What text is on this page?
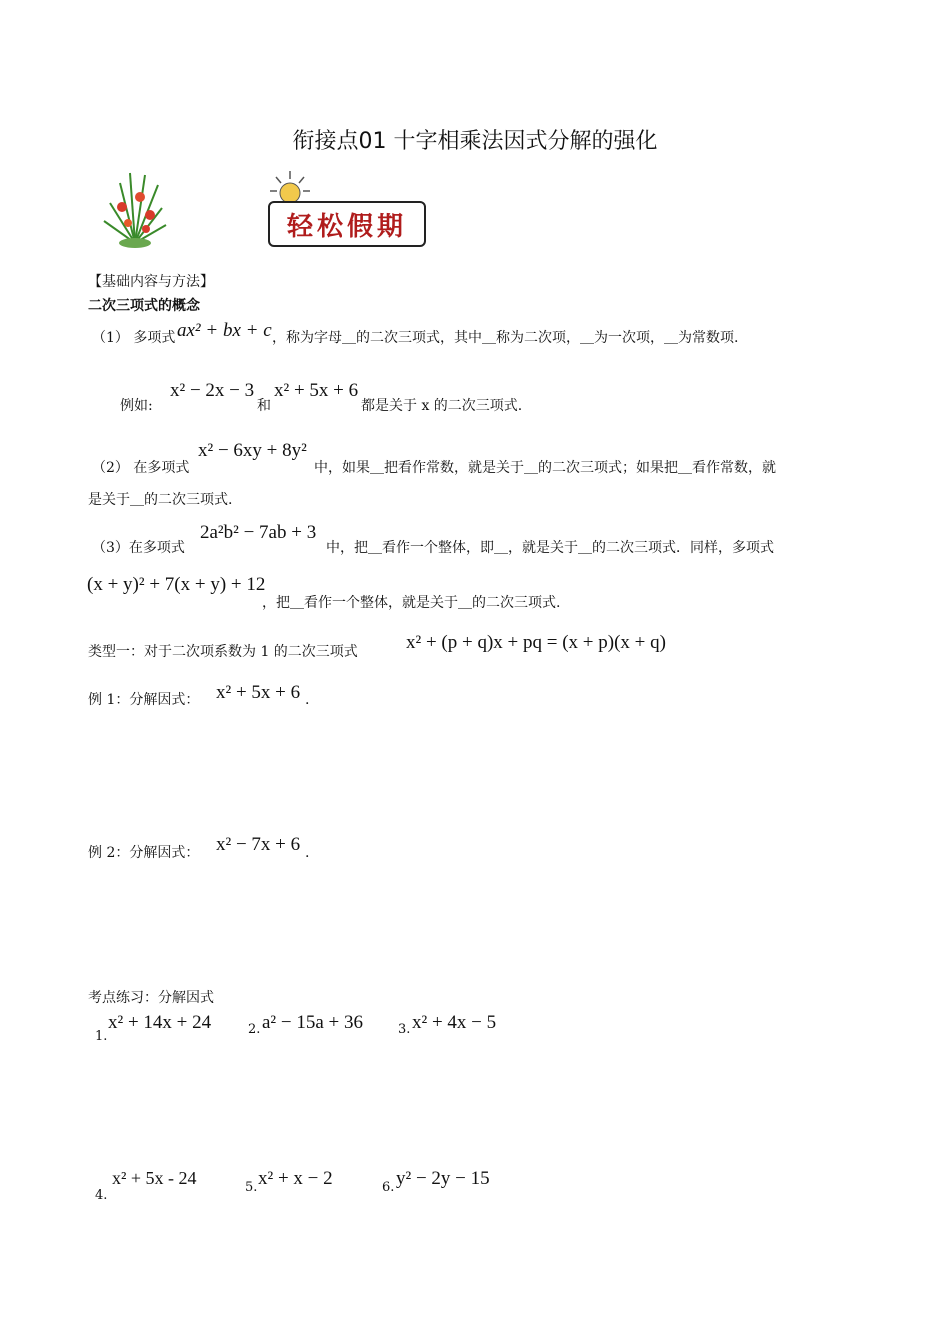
衔接点01 十字相乘法因式分解的强化
轻松假期
【基础内容与方法】
二次三项式的概念
（1） 多项式 ax² + bx + c ，称为字母＿的二次三项式，其中＿称为二次项，＿为一次项，＿为常数项.
例如:
x² − 2x − 3
和
x² + 5x + 6
都是关于 x 的二次三项式.
（2） 在多项式
x² − 6xy + 8y²
中，如果＿把看作常数，就是关于＿的二次三项式；如果把＿看作常数，就
是关于＿的二次三项式.
（3）在多项式
2a²b² − 7ab + 3
中，把＿看作一个整体，即＿，就是关于＿的二次三项式．同样，多项式
(x + y)² + 7(x + y) + 12
，把＿看作一个整体，就是关于＿的二次三项式.
类型一：对于二次项系数为 1 的二次三项式	x² + (p + q)x + pq = (x + p)(x + q)
例 1：分解因式： x² + 5x + 6 .
例 2：分解因式： x² − 7x + 6 .
考点练习：分解因式
1.
x² + 14x + 24	2. a² − 15a + 36	3. x² + 4x − 5
4.
x² + 5x - 24	5. x² + x − 2	6. y² − 2y − 15
